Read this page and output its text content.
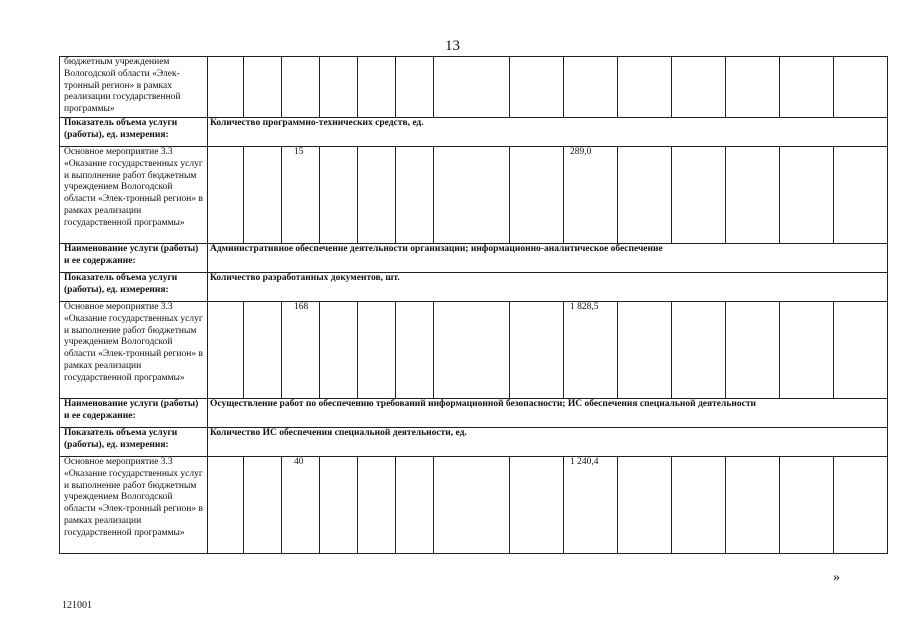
13
бюджетным учреждением Вологодской области «Элек-тронный регион» в рамках реализации государственной программы»														
Показатель объема услуги (работы), ед. измерения:	Количество программно-технических средств, ед.													
Основное мероприятие 3.3 «Оказание государственных услуг и выполнение работ бюджетным учреждением Вологодской области «Элек-тронный регион» в рамках реализации государственной программы»			15						289,0					
Наименование услуги (работы) и ее содержание:	Административное обеспечение деятельности организации; информационно-аналитическое обеспечение													
Показатель объема услуги (работы), ед. измерения:	Количество разработанных документов, шт.													
Основное мероприятие 3.3 «Оказание государственных услуг и выполнение работ бюджетным учреждением Вологодской области «Элек-тронный регион» в рамках реализации государственной программы»			168						1 828,5					
Наименование услуги (работы) и ее содержание:	Осуществление работ по обеспечению требований информационной безопасности; ИС обеспечения специальной деятельности													
Показатель объема услуги (работы), ед. измерения:	Количество ИС обеспечения специальной деятельности, ед.													
Основное мероприятие 3.3 «Оказание государственных услуг и выполнение работ бюджетным учреждением Вологодской области «Элек-тронный регион» в рамках реализации государственной программы»			40						1 240,4					
»
121001
